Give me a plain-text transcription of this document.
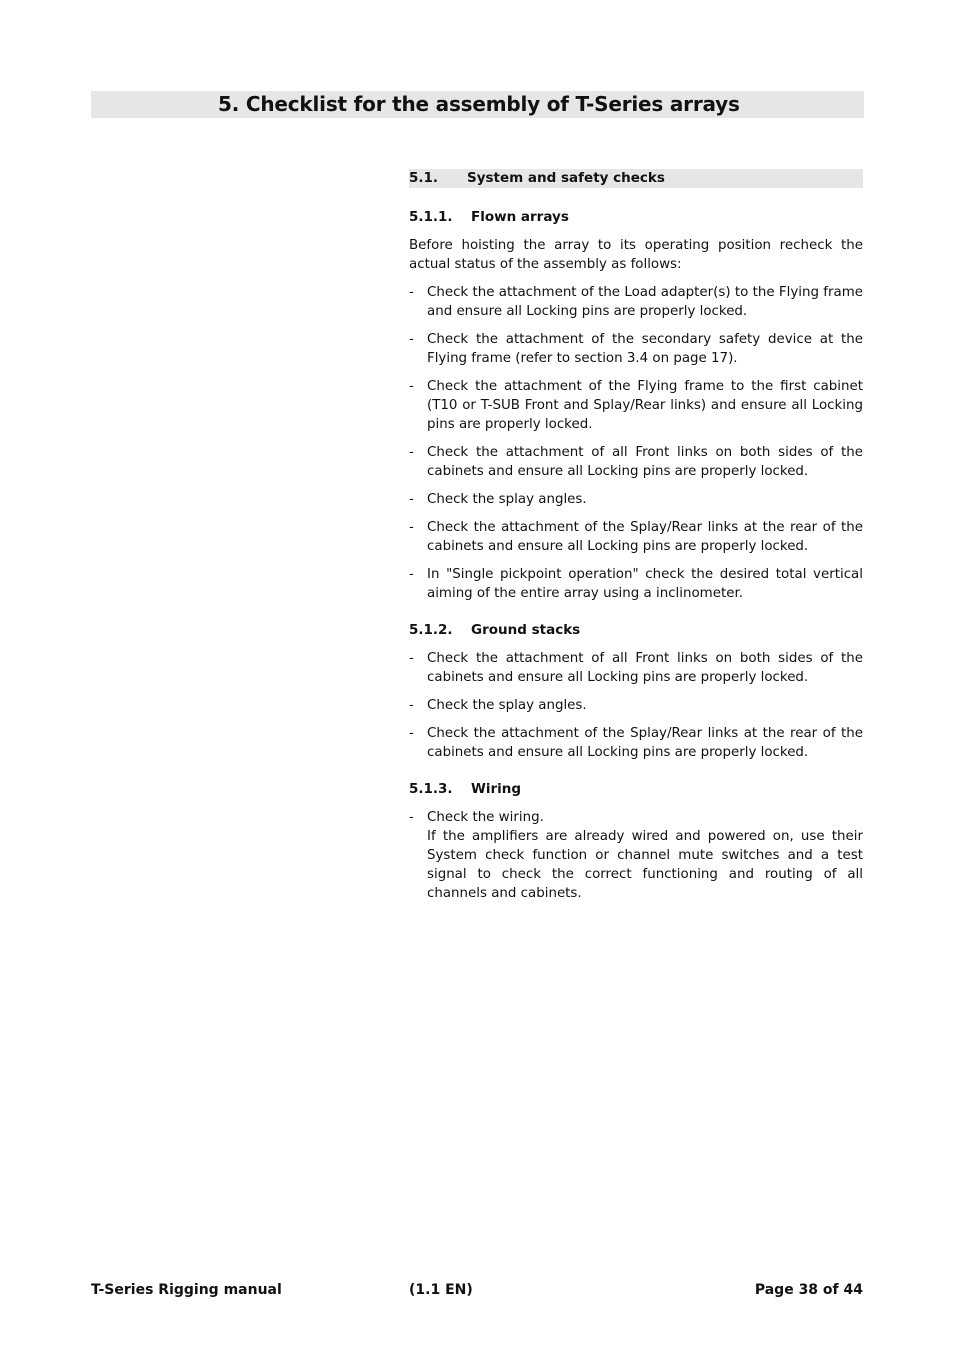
5. Checklist for the assembly of T-Series arrays
5.1. System and safety checks
5.1.1. Flown arrays

Before hoisting the array to its operating position recheck the actual status of the assembly as follows:

- Check the attachment of the Load adapter(s) to the Flying frame and ensure all Locking pins are properly locked.
- Check the attachment of the secondary safety device at the Flying frame (refer to section 3.4 on page 17).
- Check the attachment of the Flying frame to the first cabinet (T10 or T-SUB Front and Splay/Rear links) and ensure all Locking pins are properly locked.
- Check the attachment of all Front links on both sides of the cabinets and ensure all Locking pins are properly locked.
- Check the splay angles.
- Check the attachment of the Splay/Rear links at the rear of the cabinets and ensure all Locking pins are properly locked.
- In "Single pickpoint operation" check the desired total vertical aiming of the entire array using a inclinometer.
5.1.2. Ground stacks
- Check the attachment of all Front links on both sides of the cabinets and ensure all Locking pins are properly locked.
- Check the splay angles.
- Check the attachment of the Splay/Rear links at the rear of the cabinets and ensure all Locking pins are properly locked.
5.1.3. Wiring
- Check the wiring.
If the amplifiers are already wired and powered on, use their System check function or channel mute switches and a test signal to check the correct functioning and routing of all channels and cabinets.
T-Series Rigging manual	(1.1 EN)	Page 38 of 44
